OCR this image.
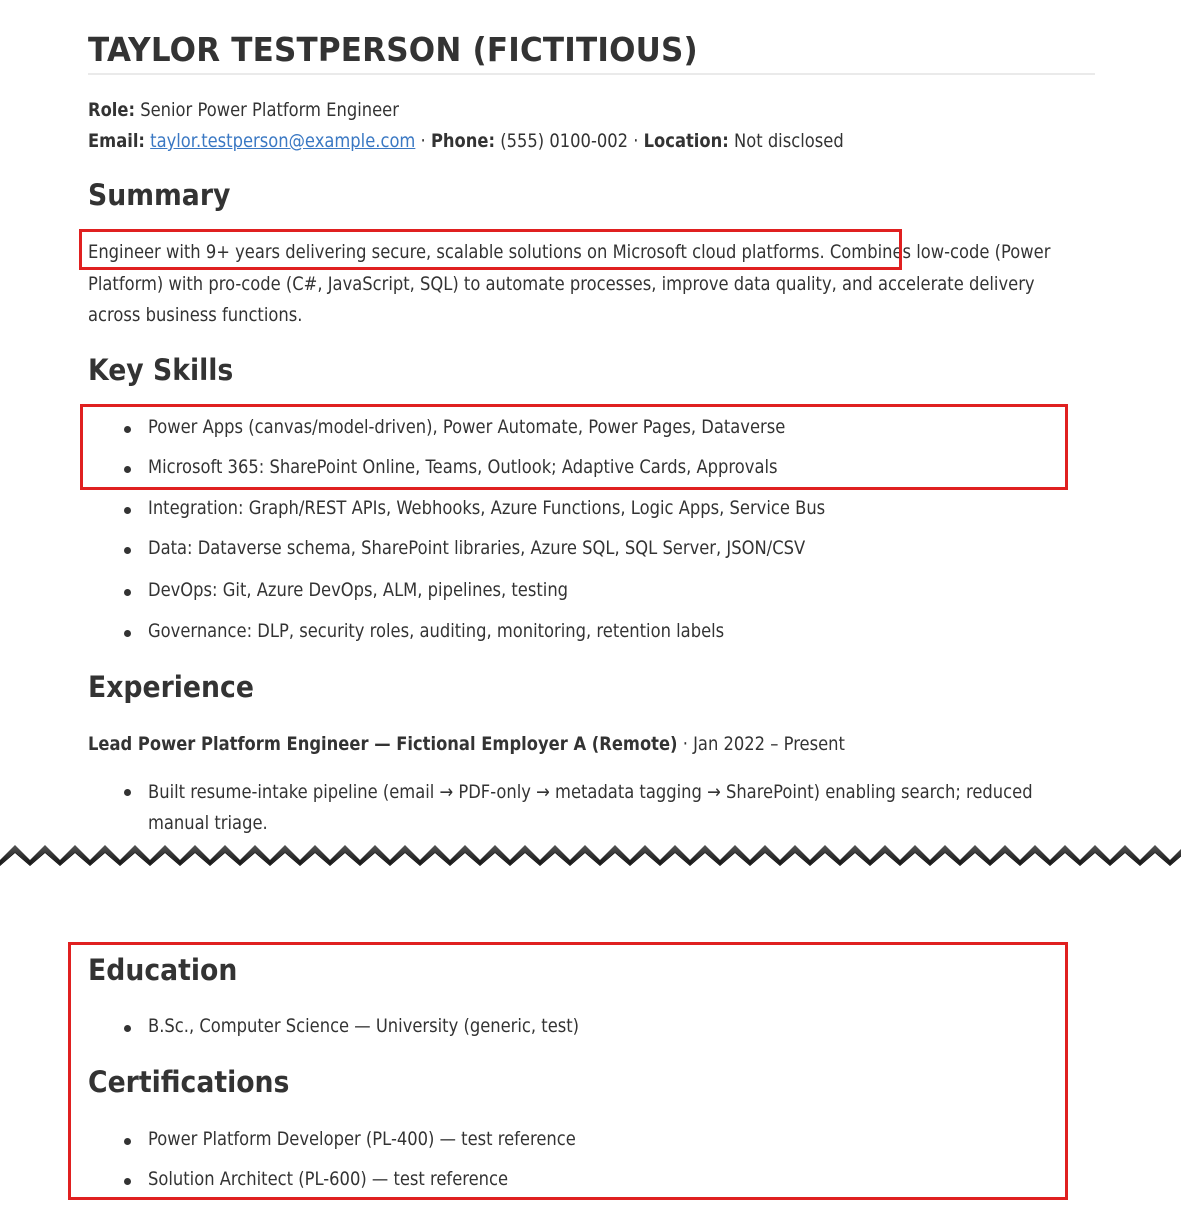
TAYLOR TESTPERSON (FICTITIOUS)
Role: Senior Power Platform Engineer
Email: taylor.testperson@example.com · Phone: (555) 0100-002 · Location: Not disclosed
Summary
Engineer with 9+ years delivering secure, scalable solutions on Microsoft cloud platforms. Combines low-code (Power Platform) with pro-code (C#, JavaScript, SQL) to automate processes, improve data quality, and accelerate delivery across business functions.
Key Skills
Power Apps (canvas/model-driven), Power Automate, Power Pages, Dataverse
Microsoft 365: SharePoint Online, Teams, Outlook; Adaptive Cards, Approvals
Integration: Graph/REST APIs, Webhooks, Azure Functions, Logic Apps, Service Bus
Data: Dataverse schema, SharePoint libraries, Azure SQL, SQL Server, JSON/CSV
DevOps: Git, Azure DevOps, ALM, pipelines, testing
Governance: DLP, security roles, auditing, monitoring, retention labels
Experience
Lead Power Platform Engineer — Fictional Employer A (Remote) · Jan 2022 – Present
Built resume-intake pipeline (email → PDF-only → metadata tagging → SharePoint) enabling search; reduced manual triage.
Education
B.Sc., Computer Science — University (generic, test)
Certifications
Power Platform Developer (PL-400) — test reference
Solution Architect (PL-600) — test reference
